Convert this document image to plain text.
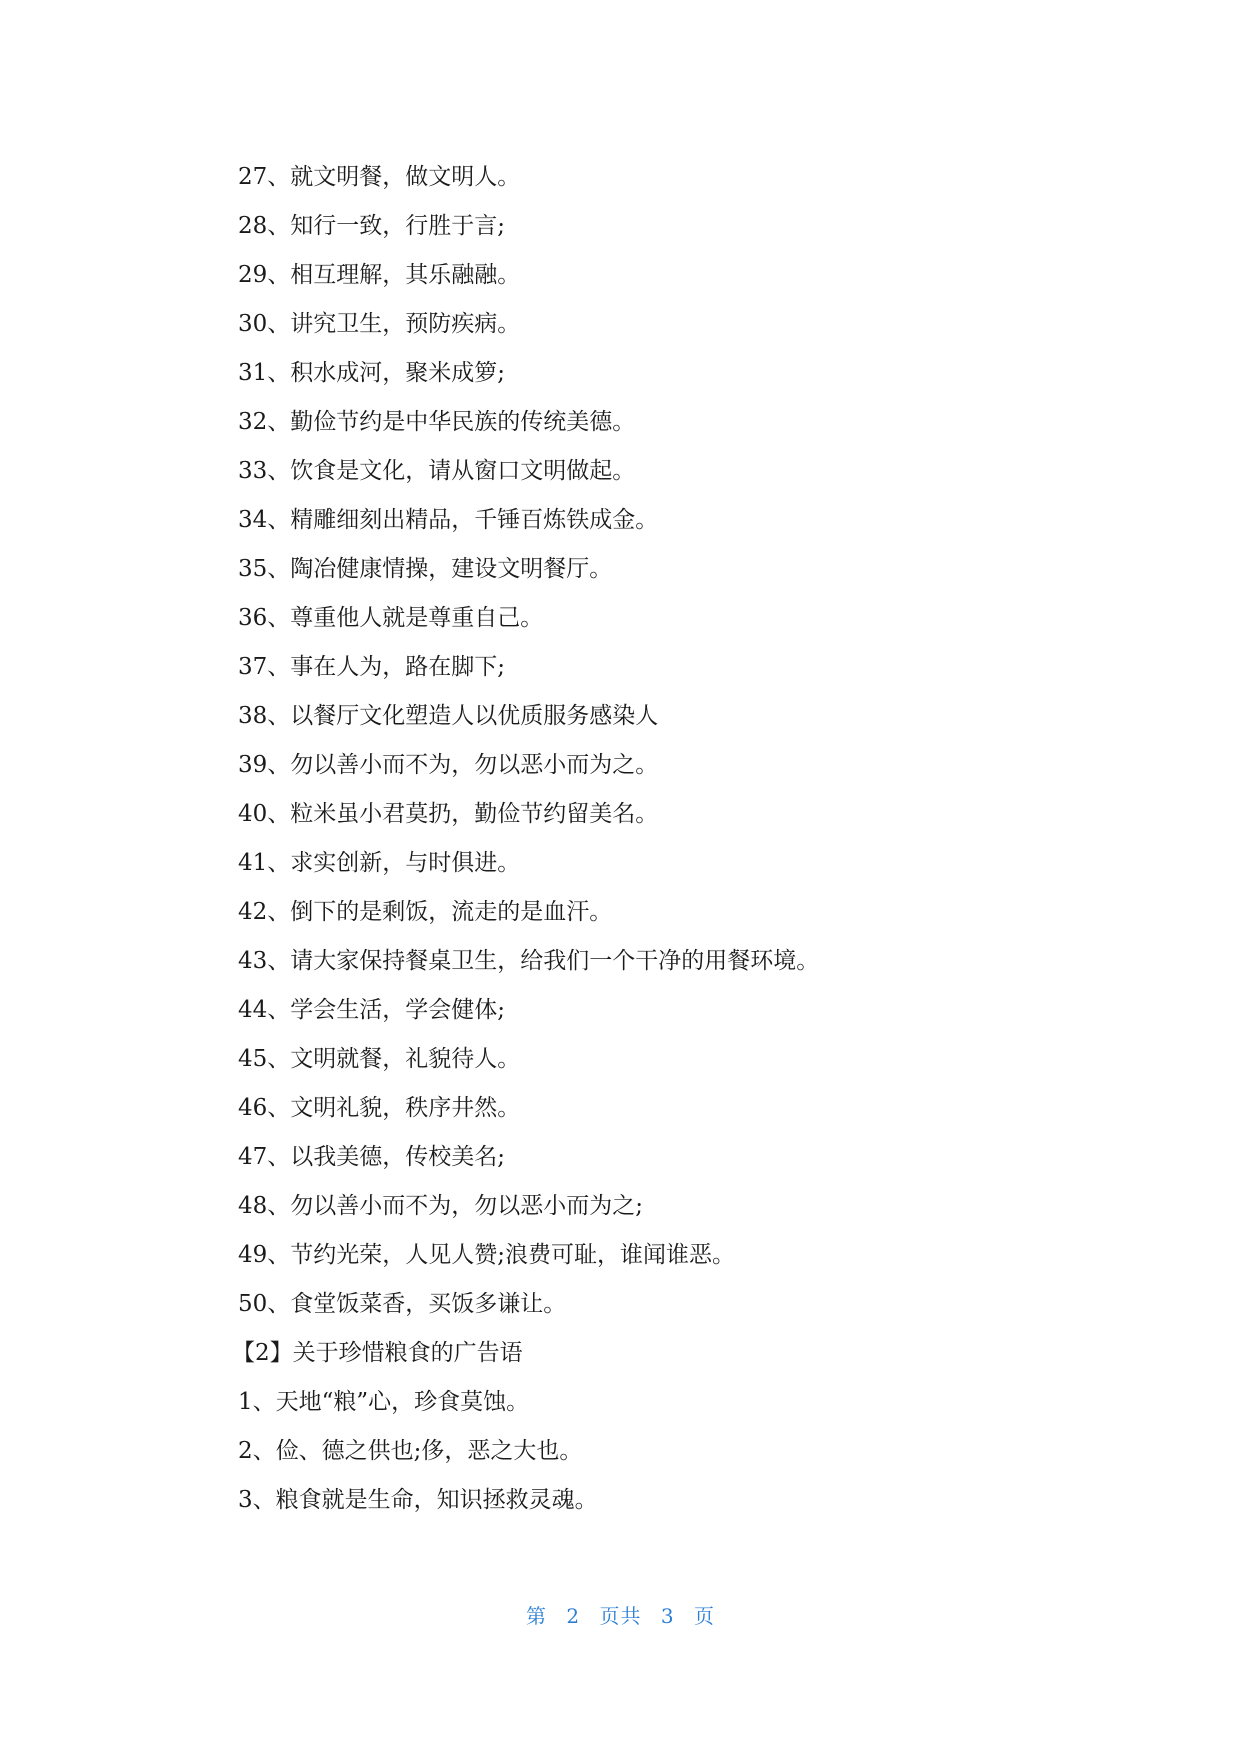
27、就文明餐，做文明人。
28、知行一致，行胜于言;
29、相互理解，其乐融融。
30、讲究卫生，预防疾病。
31、积水成河，聚米成箩;
32、勤俭节约是中华民族的传统美德。
33、饮食是文化，请从窗口文明做起。
34、精雕细刻出精品，千锤百炼铁成金。
35、陶冶健康情操，建设文明餐厅。
36、尊重他人就是尊重自己。
37、事在人为，路在脚下;
38、以餐厅文化塑造人以优质服务感染人
39、勿以善小而不为，勿以恶小而为之。
40、粒米虽小君莫扔，勤俭节约留美名。
41、求实创新，与时俱进。
42、倒下的是剩饭，流走的是血汗。
43、请大家保持餐桌卫生，给我们一个干净的用餐环境。
44、学会生活，学会健体;
45、文明就餐，礼貌待人。
46、文明礼貌，秩序井然。
47、以我美德，传校美名;
48、勿以善小而不为，勿以恶小而为之;
49、节约光荣，人见人赞;浪费可耻，谁闻谁恶。
50、食堂饭菜香，买饭多谦让。
【2】关于珍惜粮食的广告语
1、天地“粮”心，珍食莫蚀。
2、俭、德之供也;侈，恶之大也。
3、粮食就是生命，知识拯救灵魂。
第 2 页共 3 页
